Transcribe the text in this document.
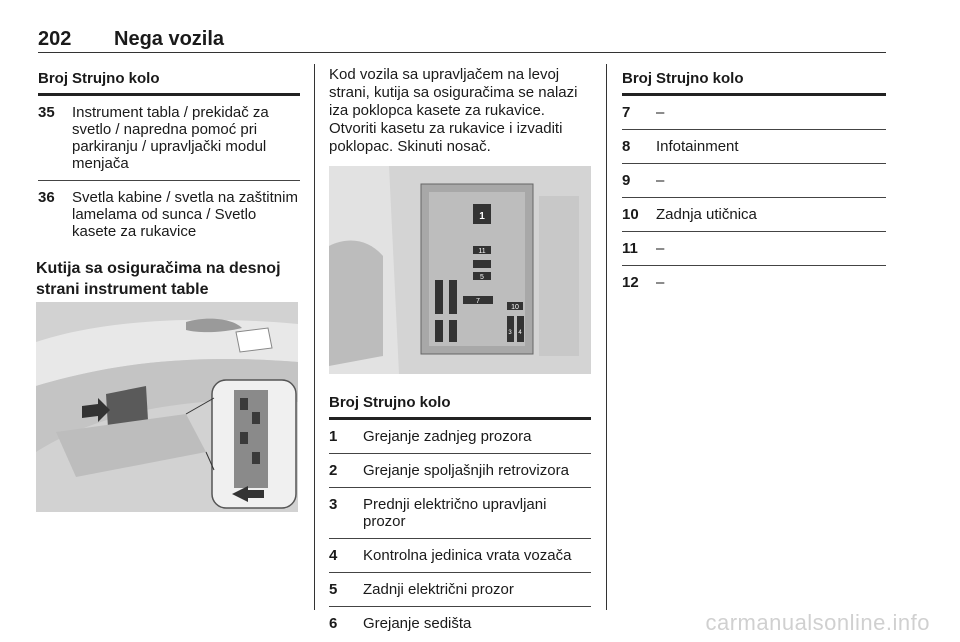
202 Nega vozila
Broj	Strujno kolo
35	Instrument tabla / prekidač za svetlo / napredna pomoć pri parkiranju / upravljački modul menjača
36	Svetla kabine / svetla na zaštitnim lamelama od sunca / Svetlo kasete za rukavice
Kutija sa osiguračima na desnoj strani instrument table
Kod vozila sa upravljačem na levoj strani, kutija sa osiguračima se nalazi iza poklopca kasete za rukavice. Otvoriti kasetu za rukavice i izvaditi poklopac. Skinuti nosač.
1
11
5
7
10
3 4
Broj	Strujno kolo
1	Grejanje zadnjeg prozora
2	Grejanje spoljašnjih retrovizora
3	Prednji električno upravljani prozor
4	Kontrolna jedinica vrata vozača
5	Zadnji električni prozor
6	Grejanje sedišta
Broj	Strujno kolo
7	–
8	Infotainment
9	–
10	Zadnja utičnica
11	–
12	–
carmanualsonline.info
